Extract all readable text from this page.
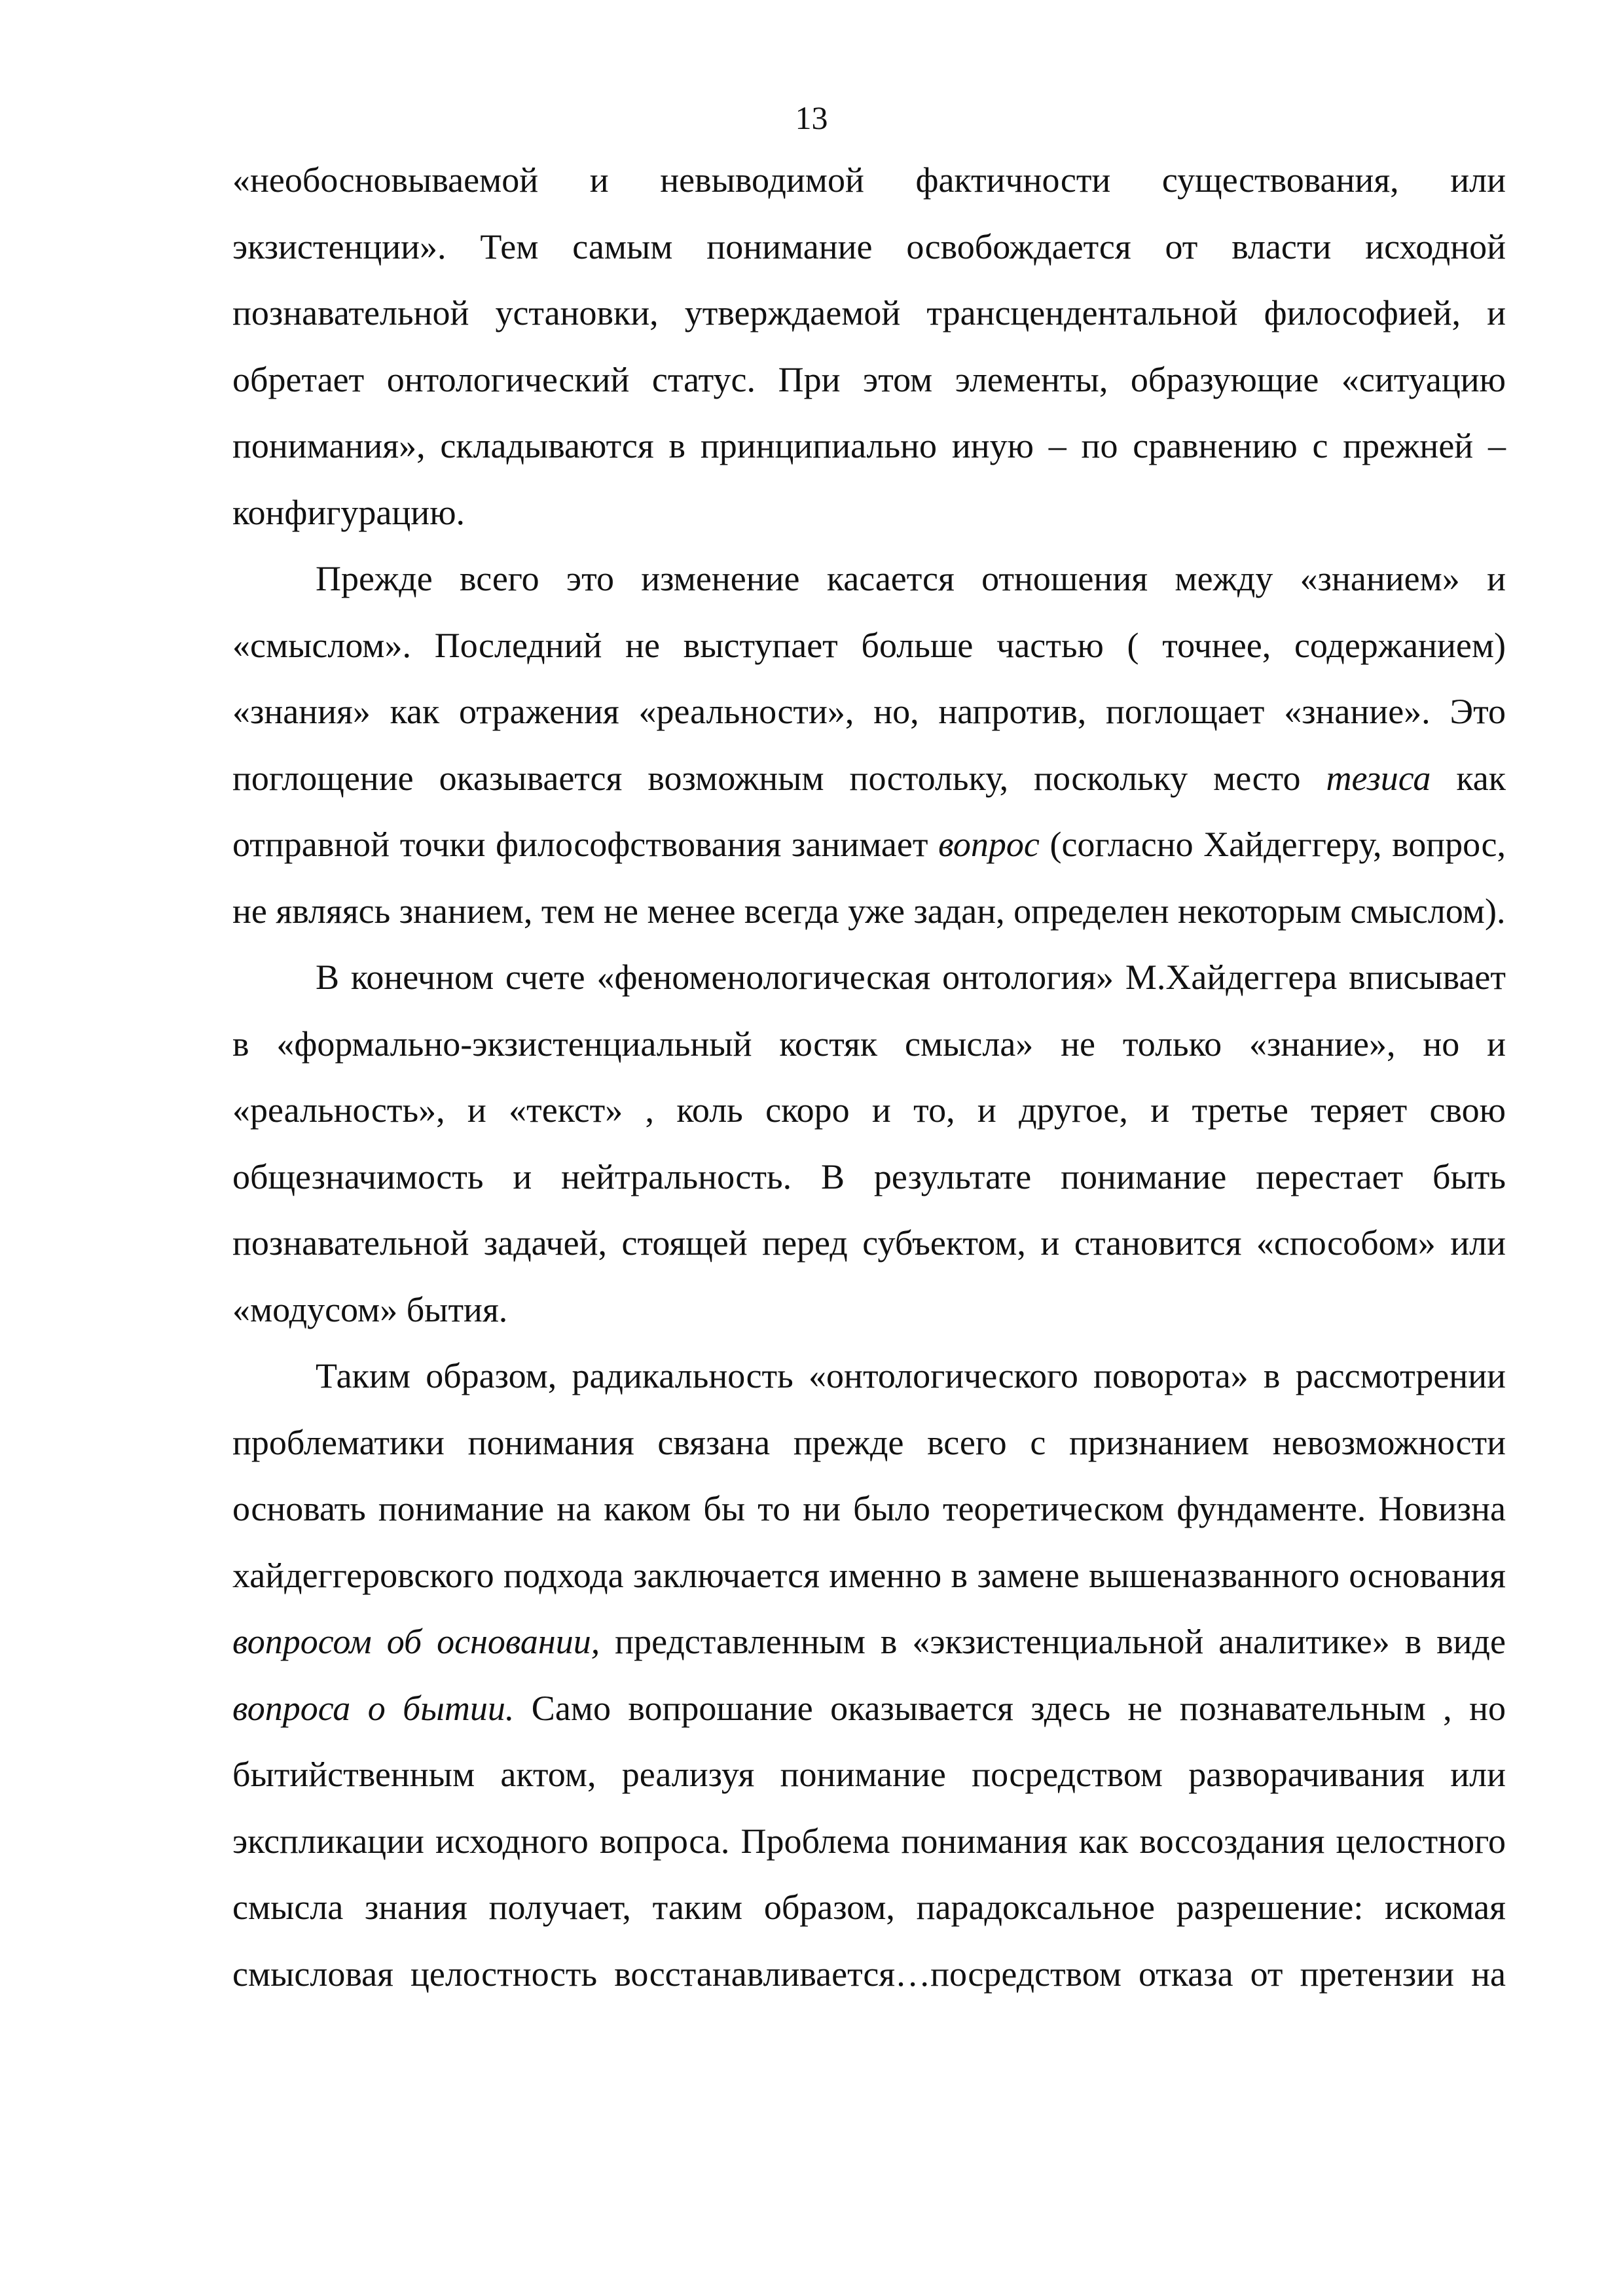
13

«необосновываемой и невыводимой фактичности существования, или экзистенции». Тем самым понимание освобождается от власти исходной познавательной установки, утверждаемой трансцендентальной философией, и обретает онтологический статус. При этом элементы, образующие «ситуацию понимания», складываются в принципиально иную – по сравнению с прежней – конфигурацию.

Прежде всего это изменение касается отношения между «знанием» и «смыслом». Последний не выступает больше частью ( точнее, содержанием) «знания» как отражения «реальности», но, напротив, поглощает «знание». Это поглощение оказывается возможным постольку, поскольку место тезиса как отправной точки философствования занимает вопрос (согласно Хайдеггеру, вопрос, не являясь знанием, тем не менее всегда уже задан, определен некоторым смыслом).

В конечном счете «феноменологическая онтология» М.Хайдеггера вписывает в «формально-экзистенциальный костяк смысла» не только «знание», но и «реальность», и «текст» , коль скоро и то, и другое, и третье теряет свою общезначимость и нейтральность. В результате понимание перестает быть познавательной задачей, стоящей перед субъектом, и становится «способом» или «модусом» бытия.

Таким образом, радикальность «онтологического поворота» в рассмотрении проблематики понимания связана прежде всего с признанием невозможности основать понимание на каком бы то ни было теоретическом фундаменте. Новизна хайдеггеровского подхода заключается именно в замене вышеназванного основания вопросом об основании, представленным в «экзистенциальной аналитике» в виде вопроса о бытии. Само вопрошание оказывается здесь не познавательным , но бытийственным актом, реализуя понимание посредством разворачивания или экспликации исходного вопроса. Проблема понимания как воссоздания целостного смысла знания получает, таким образом, парадоксальное разрешение: искомая смысловая целостность восстанавливается…посредством отказа от претензии на
